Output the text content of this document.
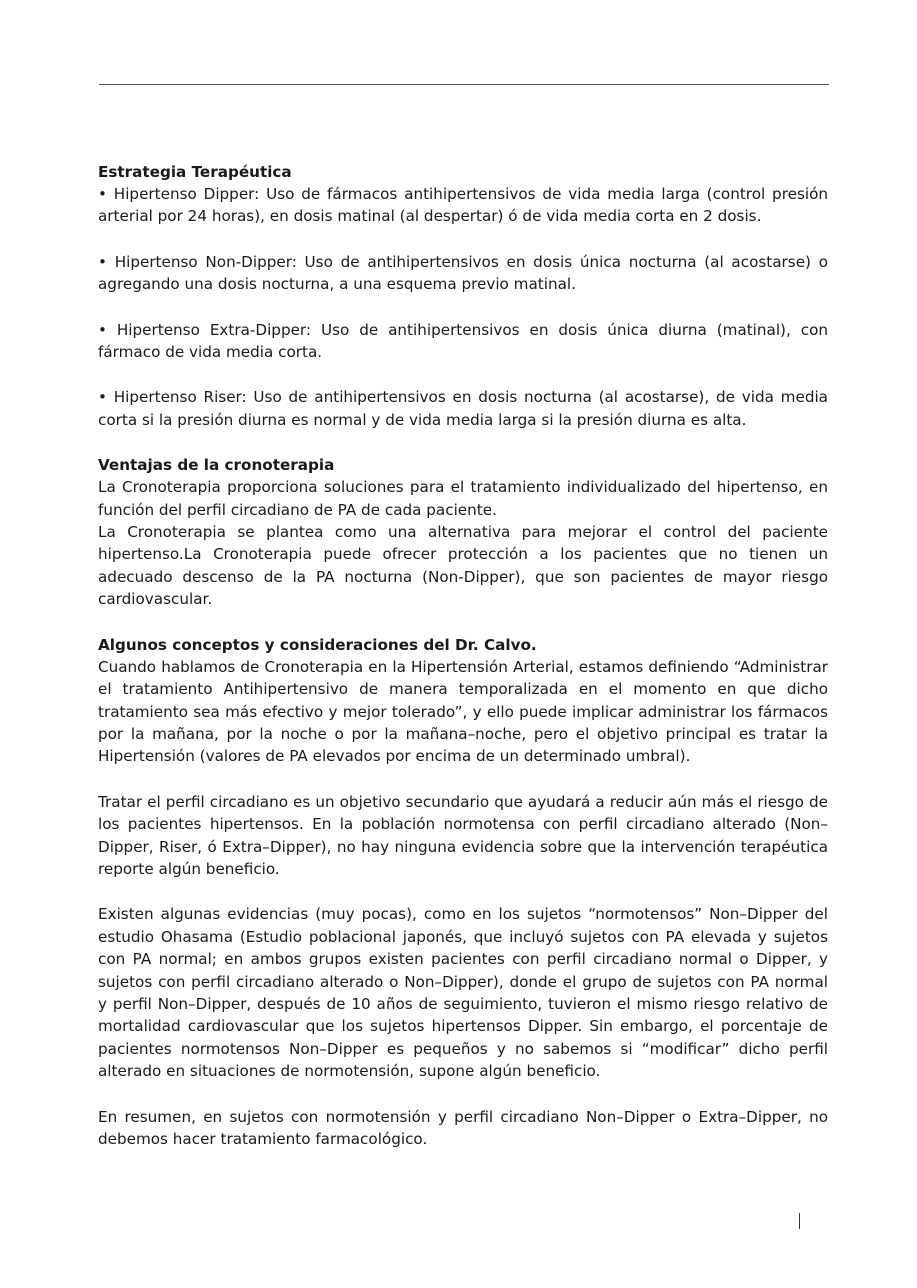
Estrategia Terapéutica

• Hipertenso Dipper: Uso de fármacos antihipertensivos de vida media larga (control presión arterial por 24 horas), en dosis matinal (al despertar) ó de vida media corta en 2 dosis.

• Hipertenso Non-Dipper: Uso de antihipertensivos en dosis única nocturna (al acostarse) o agregando una dosis nocturna, a una esquema previo matinal.

• Hipertenso Extra-Dipper: Uso de antihipertensivos en dosis única diurna (matinal), con fármaco de vida media corta.

• Hipertenso Riser: Uso de antihipertensivos en dosis nocturna (al acostarse), de vida media corta si la presión diurna es normal y de vida media larga si la presión diurna es alta.

Ventajas de la cronoterapia

La Cronoterapia proporciona soluciones para el tratamiento individualizado del hipertenso, en función del perfil circadiano de PA de cada paciente.

La Cronoterapia se plantea como una alternativa para mejorar el control del paciente hipertenso.La Cronoterapia puede ofrecer protección a los pacientes que no tienen un adecuado descenso de la PA nocturna (Non-Dipper), que son pacientes de mayor riesgo cardiovascular.

Algunos conceptos y consideraciones del Dr. Calvo.

Cuando hablamos de Cronoterapia en la Hipertensión Arterial, estamos definiendo “Administrar el tratamiento Antihipertensivo de manera temporalizada en el momento en que dicho tratamiento sea más efectivo y mejor tolerado”, y ello puede implicar administrar los fármacos por la mañana, por la noche o por la mañana–noche, pero el objetivo principal es tratar la Hipertensión (valores de PA elevados por encima de un determinado umbral).

Tratar el perfil circadiano es un objetivo secundario que ayudará a reducir aún más el riesgo de los pacientes hipertensos. En la población normotensa con perfil circadiano alterado (Non–Dipper, Riser, ó Extra–Dipper), no hay ninguna evidencia sobre que la intervención terapéutica reporte algún beneficio.

Existen algunas evidencias (muy pocas), como en los sujetos “normotensos” Non–Dipper del estudio Ohasama (Estudio poblacional japonés, que incluyó sujetos con PA elevada y sujetos con PA normal; en ambos grupos existen pacientes con perfil circadiano normal o Dipper, y sujetos con perfil circadiano alterado o Non–Dipper), donde el grupo de sujetos con PA normal y perfil Non–Dipper, después de 10 años de seguimiento, tuvieron el mismo riesgo relativo de mortalidad cardiovascular que los sujetos hipertensos Dipper. Sin embargo, el porcentaje de pacientes normotensos Non–Dipper es pequeños y no sabemos si “modificar” dicho perfil alterado en situaciones de normotensión, supone algún beneficio.

En resumen, en sujetos con normotensión y perfil circadiano Non–Dipper o Extra–Dipper, no debemos hacer tratamiento farmacológico.
